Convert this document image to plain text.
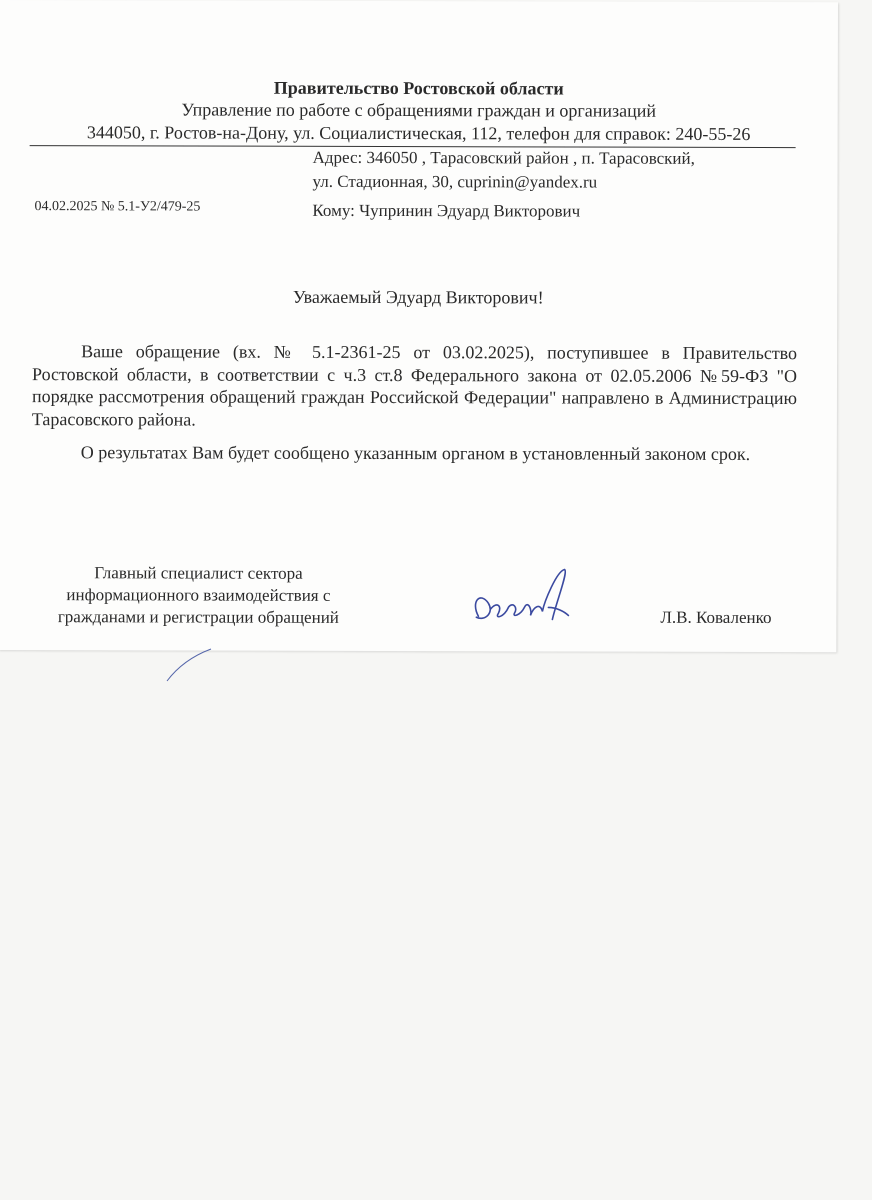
Правительство Ростовской области
Управление по работе с обращениями граждан и организаций
344050, г. Ростов-на-Дону, ул. Социалистическая, 112, телефон для справок: 240-55-26
Адрес: 346050 , Тарасовский район , п. Тарасовский,
ул. Стадионная, 30, cuprinin@yandex.ru
04.02.2025 № 5.1-У2/479-25	Кому: Чупринин Эдуард Викторович
Уважаемый Эдуард Викторович!
Ваше обращение (вх. № 5.1-2361-25 от 03.02.2025), поступившее в Правительство Ростовской области, в соответствии с ч.3 ст.8 Федерального закона от 02.05.2006 №59-ФЗ "О порядке рассмотрения обращений граждан Российской Федерации" направлено в Администрацию Тарасовского района.
О результатах Вам будет сообщено указанным органом в установленный законом срок.
Главный специалист сектора
информационного взаимодействия с
гражданами и регистрации обращений	Л.В. Коваленко
